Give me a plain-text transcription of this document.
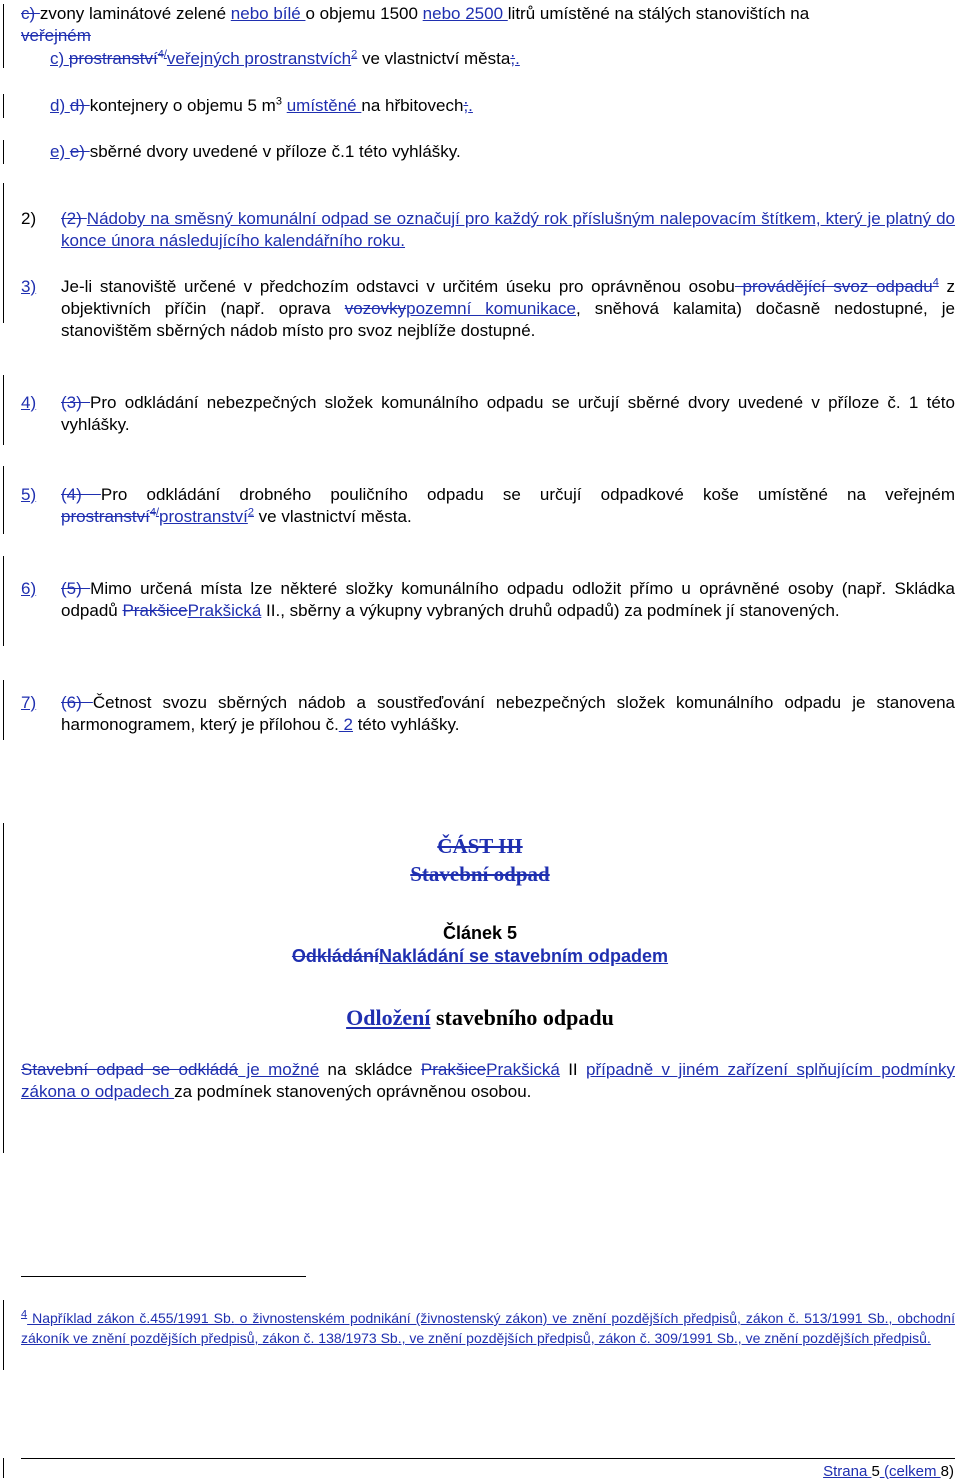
c) zvony laminátové zelené nebo bílé o objemu 1500 nebo 2500 litrů umístěné na stálých stanovištích na
veřejném
c) prostranství$^{4/}$veřejných prostranstvích$^2$ ve vlastnictví města;.
d) d) kontejnery o objemu 5 $m^3$ umístěné na hřbitovech;.
e) e) sběrné dvory uvedené v příloze č.1 této vyhlášky.
2)	(2) Nádoby na směsný komunální odpad se označují pro každý rok příslušným nalepovacím štítkem, který je platný do konce února následujícího kalendářního roku.
3)	Je-li stanoviště určené v předchozím odstavci v určitém úseku pro oprávněnou osobu provádějící svoz odpadu$^4$ z objektivních příčin (např. oprava vozovkypozemní komunikace, sněhová kalamita) dočasně nedostupné, je stanovištěm sběrných nádob místo pro svoz nejblíže dostupné.
4)	(3) Pro odkládání nebezpečných složek komunálního odpadu se určují sběrné dvory uvedené v příloze č. 1 této vyhlášky.
5)	(4) Pro odkládání drobného pouličního odpadu se určují odpadkové koše umístěné na veřejném prostranství$^{4/}$prostranství$^2$ ve vlastnictví města.
6)	(5) Mimo určená místa lze některé složky komunálního odpadu odložit přímo u oprávněné osoby (např. Skládka odpadů PrakšicePrakšická II., sběrny a výkupny vybraných druhů odpadů) za podmínek jí stanovených.
7)	(6) Četnost svozu sběrných nádob a soustřeďování nebezpečných složek komunálního odpadu je stanovena harmonogramem, který je přílohou č. 2 této vyhlášky.
ČÁST III
Stavební odpad
Článek 5
OdkládáníNakládání se stavebním odpadem
Odložení stavebního odpadu
Stavební odpad se odkládá je možné na skládce PrakšicePrakšická II případně v jiném zařízení splňujícím podmínky zákona o odpadech za podmínek stanovených oprávněnou osobou.
$^4$ Například zákon č.455/1991 Sb. o živnostenském podnikání (živnostenský zákon) ve znění pozdějších předpisů, zákon č. 513/1991 Sb., obchodní zákoník ve znění pozdějších předpisů, zákon č. 138/1973 Sb., ve znění pozdějších předpisů, zákon č. 309/1991 Sb., ve znění pozdějších předpisů.
Strana 5 (celkem 8)
